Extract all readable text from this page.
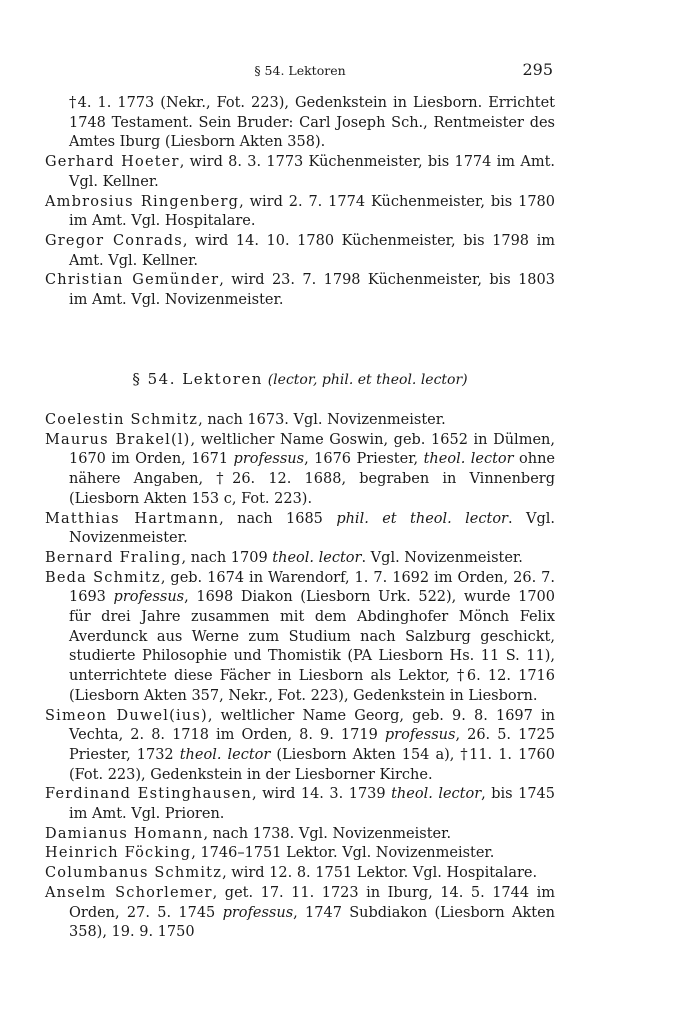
§ 54. Lektoren	295
†4. 1. 1773 (Nekr., Fot. 223), Gedenkstein in Liesborn. Errichtet 1748 Testament. Sein Bruder: Carl Joseph Sch., Rentmeister des Amtes Iburg (Liesborn Akten 358).
Gerhard Hoeter, wird 8. 3. 1773 Küchenmeister, bis 1774 im Amt. Vgl. Kellner.
Ambrosius Ringenberg, wird 2. 7. 1774 Küchenmeister, bis 1780 im Amt. Vgl. Hospitalare.
Gregor Conrads, wird 14. 10. 1780 Küchenmeister, bis 1798 im Amt. Vgl. Kellner.
Christian Gemünder, wird 23. 7. 1798 Küchenmeister, bis 1803 im Amt. Vgl. Novizenmeister.
§ 54. Lektoren (lector, phil. et theol. lector)
Coelestin Schmitz, nach 1673. Vgl. Novizenmeister.
Maurus Brakel(l), weltlicher Name Goswin, geb. 1652 in Dülmen, 1670 im Orden, 1671 professus, 1676 Priester, theol. lector ohne nähere Angaben, †26. 12. 1688, begraben in Vinnenberg (Liesborn Akten 153 c, Fot. 223).
Matthias Hartmann, nach 1685 phil. et theol. lector. Vgl. Novizenmeister.
Bernard Fraling, nach 1709 theol. lector. Vgl. Novizenmeister.
Beda Schmitz, geb. 1674 in Warendorf, 1. 7. 1692 im Orden, 26. 7. 1693 professus, 1698 Diakon (Liesborn Urk. 522), wurde 1700 für drei Jahre zusammen mit dem Abdinghofer Mönch Felix Averdunck aus Werne zum Studium nach Salzburg geschickt, studierte Philosophie und Thomistik (PA Liesborn Hs. 11 S. 11), unterrichtete diese Fächer in Liesborn als Lektor, †6. 12. 1716 (Liesborn Akten 357, Nekr., Fot. 223), Gedenkstein in Liesborn.
Simeon Duwel(ius), weltlicher Name Georg, geb. 9. 8. 1697 in Vechta, 2. 8. 1718 im Orden, 8. 9. 1719 professus, 26. 5. 1725 Priester, 1732 theol. lector (Liesborn Akten 154 a), †11. 1. 1760 (Fot. 223), Gedenkstein in der Liesborner Kirche.
Ferdinand Estinghausen, wird 14. 3. 1739 theol. lector, bis 1745 im Amt. Vgl. Prioren.
Damianus Homann, nach 1738. Vgl. Novizenmeister.
Heinrich Föcking, 1746–1751 Lektor. Vgl. Novizenmeister.
Columbanus Schmitz, wird 12. 8. 1751 Lektor. Vgl. Hospitalare.
Anselm Schorlemer, get. 17. 11. 1723 in Iburg, 14. 5. 1744 im Orden, 27. 5. 1745 professus, 1747 Subdiakon (Liesborn Akten 358), 19. 9. 1750
